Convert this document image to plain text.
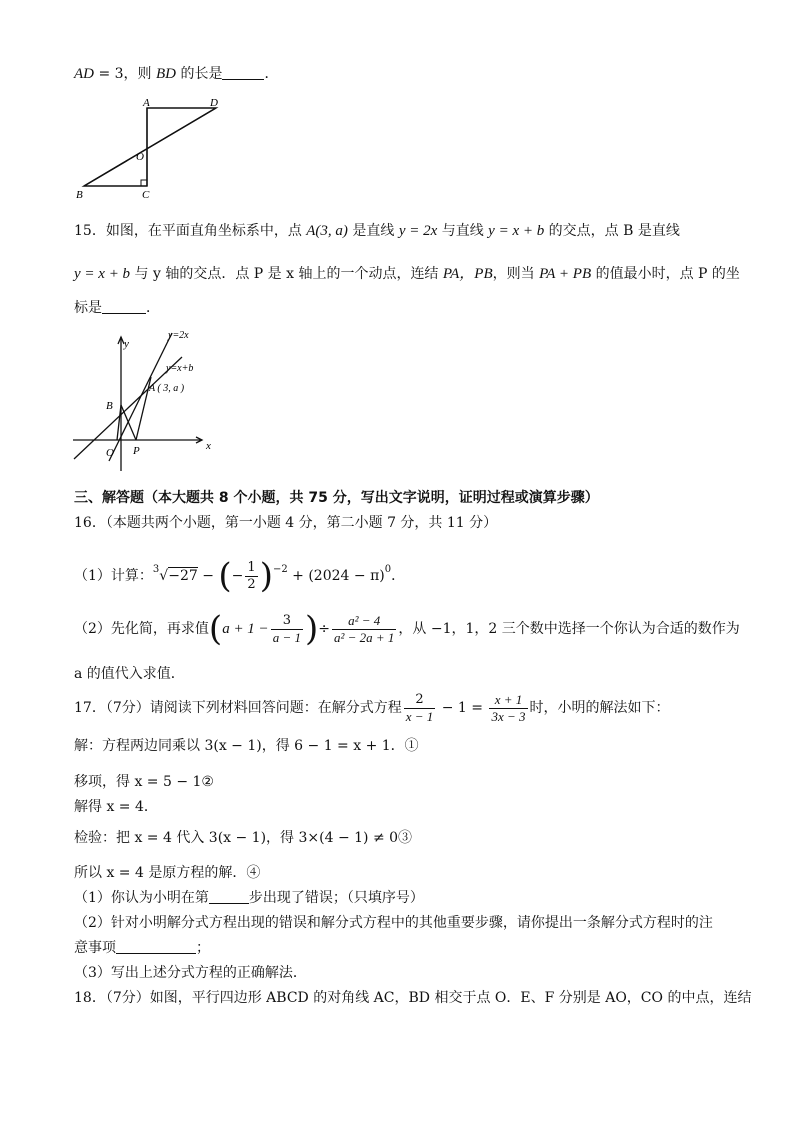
AD = 3，则 BD 的长是	．
A	D
O
B	C
15．如图，在平面直角坐标系中，点 A(3, a) 是直线 y = 2x 与直线 y = x + b 的交点，点 B 是直线
y = x + b 与 y 轴的交点．点 P 是 x 轴上的一个动点，连结 PA，PB，则当 PA + PB 的值最小时，点 P 的坐
标是	．
y
x
y=2x
y=x+b
A ( 3, a )
B
O P
三、解答题（本大题共 8 个小题，共 75 分，写出文字说明，证明过程或演算步骤）
16．（本题共两个小题，第一小题 4 分，第二小题 7 分，共 11 分）
（1）计算：$^3$√−27 − (− $\frac{1}{2} )^{-2} + (2024 - \pi)^0$．
（2）先化简，再求值($a + 1 - \frac{3}{a - 1}$ )÷ $\frac{\text{a² − 4}}{\text{a² − 2a + 1}}$ ，从 −1，1，2 三个数中选择一个你认为合适的数作为
a 的值代入求值．
17．（7分）请阅读下列材料回答问题：在解分式方程 $\frac{2}{x - 1} - 1 = \frac{x + 1}{3x - 3}$ 时，小明的解法如下：
解：方程两边同乘以 3(x − 1)，得 6 − 1 = x + 1．①
移项，得 x = 5 − 1②
解得 x = 4．
检验：把 x = 4 代入 3(x − 1)，得 3×(4 − 1) ≠ 0③
所以 x = 4 是原方程的解．④
（1）你认为小明在第	步出现了错误；（只填序号）
（2）针对小明解分式方程出现的错误和解分式方程中的其他重要步骤，请你提出一条解分式方程时的注
意事项	；
（3）写出上述分式方程的正确解法．
18．（7分）如图，平行四边形 ABCD 的对角线 AC，BD 相交于点 O．E、F 分别是 AO，CO 的中点，连结
